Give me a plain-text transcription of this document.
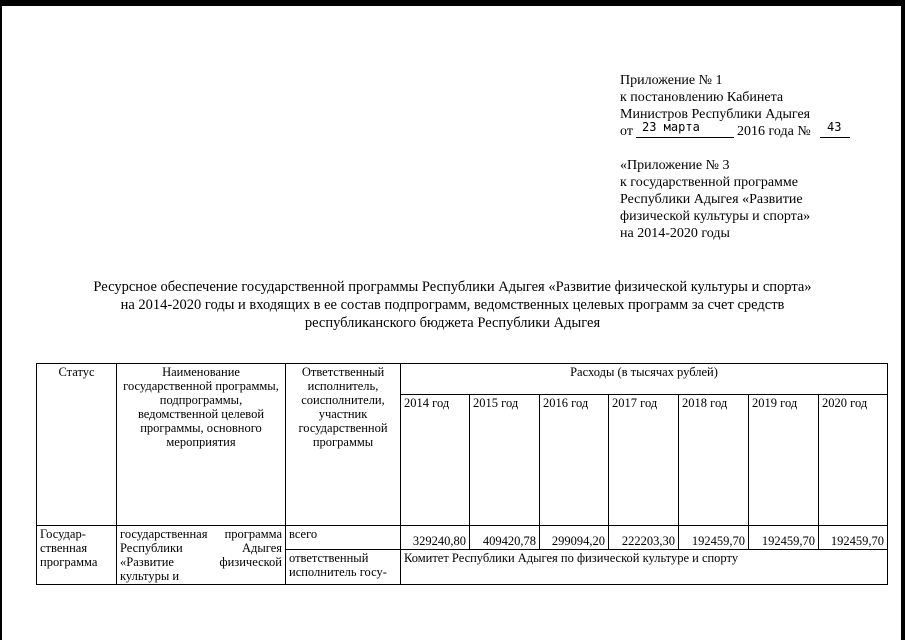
Приложение № 1
к постановлению Кабинета
Министров Республики Адыгея
от 23 марта	2016 года № 43
«Приложение № 3
к государственной программе
Республики Адыгея «Развитие
физической культуры и спорта»
на 2014-2020 годы
Ресурсное обеспечение государственной программы Республики Адыгея «Развитие физической культуры и спорта»
на 2014-2020 годы и входящих в ее состав подпрограмм, ведомственных целевых программ за счет средств
республиканского бюджета Республики Адыгея
Статус	Наименование государственной программы, подпрограммы, ведомственной целевой программы, основного мероприятия	Ответственный исполнитель, соисполнители, участник государственной программы	Расходы (в тысячах рублей)						
			2014 год	2015 год	2016 год	2017 год	2018 год	2019 год	2020 год
Государ-ственная программа	государственная программа Республики Адыгея «Развитие физической культуры и	всего	329240,80	409420,78	299094,20	222203,30	192459,70	192459,70	192459,70
		ответственный исполнитель госу-	Комитет Республики Адыгея по физической культуре и спорту						
